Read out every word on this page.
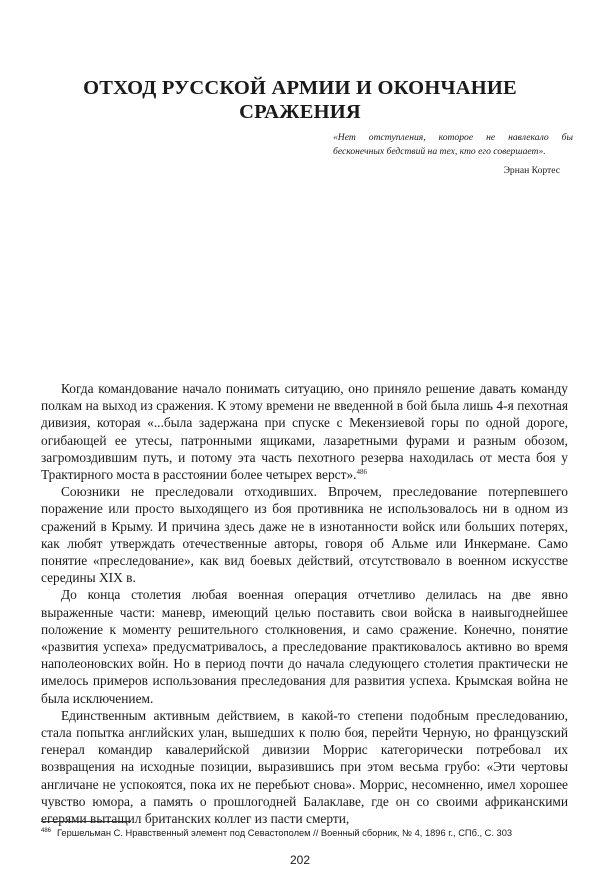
ОТХОД РУССКОЙ АРМИИ И ОКОНЧАНИЕ
СРАЖЕНИЯ

«Нет отступления, которое не навлекало бы бесконечных бедствий на тех, кто его совершает».

Эрнан Кортес

Когда командование начало понимать ситуацию, оно приняло решение давать команду полкам на выход из сражения. К этому времени не введенной в бой была лишь 4-я пехотная дивизия, которая «...была задержана при спуске с Мекензиевой горы по одной дороге, огибающей ее утесы, патронными ящиками, лазаретными фурами и разным обозом, загромоздившим путь, и потому эта часть пехотного резерва находилась от места боя у Трактирного моста в расстоянии более четырех верст».$^{486}$

Союзники не преследовали отходивших. Впрочем, преследование потерпевшего поражение или просто выходящего из боя противника не использовалось ни в одном из сражений в Крыму. И причина здесь даже не в изнотанности войск или больших потерях, как любят утверждать отечественные авторы, говоря об Альме или Инкермане. Само понятие «преследование», как вид боевых действий, отсутствовало в военном искусстве середины XIX в.

До конца столетия любая военная операция отчетливо делилась на две явно выраженные части: маневр, имеющий целью поставить свои войска в наивыгоднейшее положение к моменту решительного столкновения, и само сражение. Конечно, понятие «развития успеха» предусматривалось, а преследование практиковалось активно во время наполеоновских войн. Но в период почти до начала следующего столетия практически не имелось примеров использования преследования для развития успеха. Крымская война не была исключением.

Единственным активным действием, в какой-то степени подобным преследованию, стала попытка английских улан, вышедших к полю боя, перейти Черную, но французский генерал командир кавалерийской дивизии Моррис категорически потребовал их возвращения на исходные позиции, выразившись при этом весьма грубо: «Эти чертовы англичане не успокоятся, пока их не перебьют снова». Моррис, несомненно, имел хорошее чувство юмора, а память о прошлогодней Балаклаве, где он со своими африканскими егерями вытащил британских коллег из пасти смерти,

$^{486}$ Гершельман С. Нравственный элемент под Севастополем // Военный сборник, № 4, 1896 г., СПб., С. 303

202
